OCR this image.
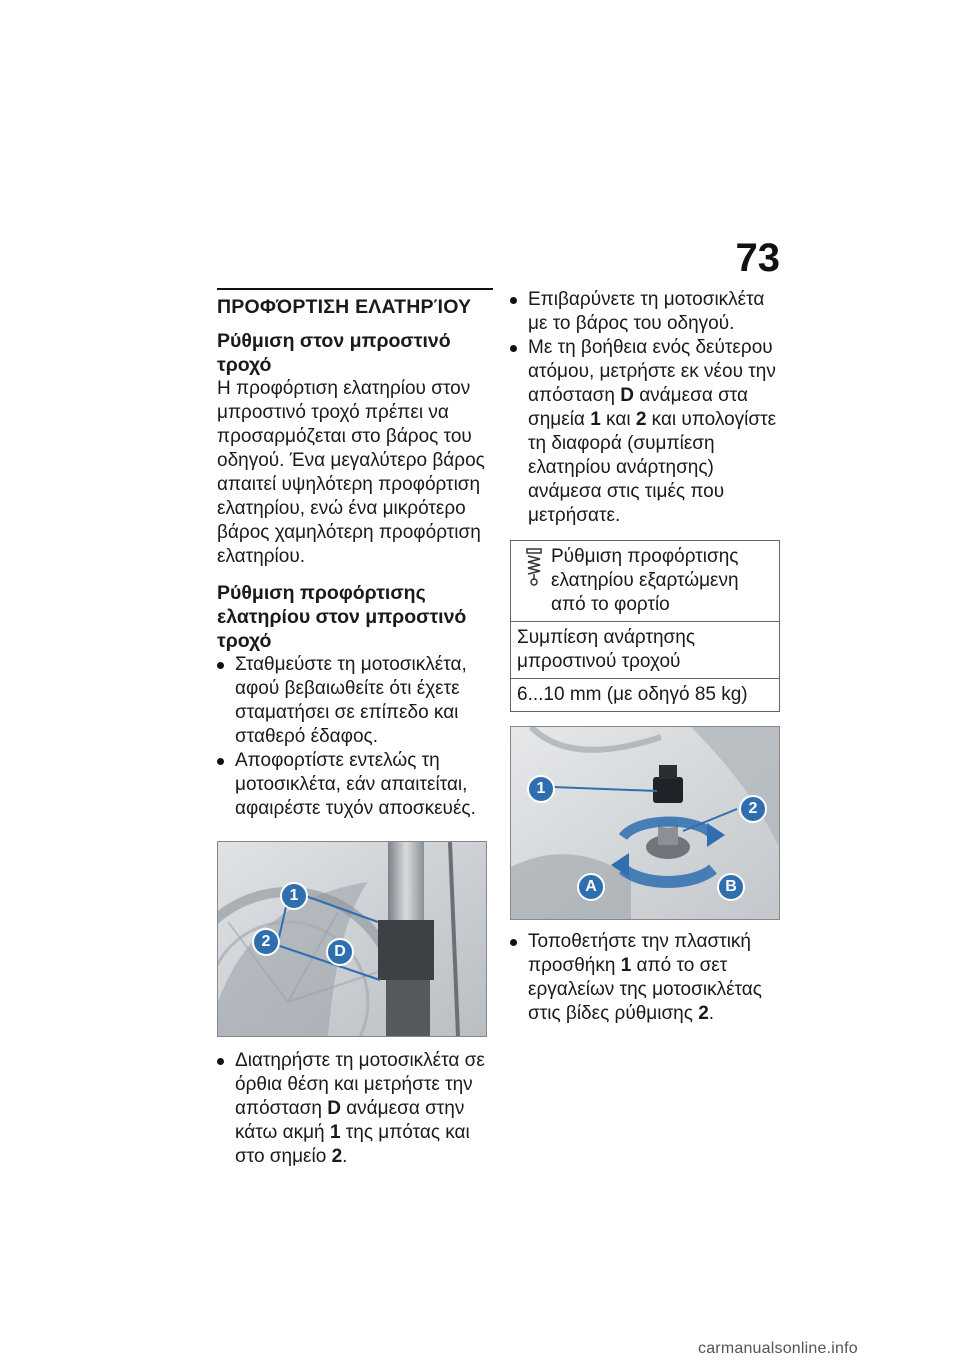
73
ΠΡΟΦΌΡΤΙΣΗ ΕΛΑΤΗΡΊΟΥ
Ρύθμιση στον μπροστινό τροχό

Η προφόρτιση ελατηρίου στον μπροστινό τροχό πρέπει να προσαρμόζεται στο βάρος του οδηγού. Ένα μεγαλύτερο βάρος απαιτεί υψηλότερη προφόρτιση ελατηρίου, ενώ ένα μικρότερο βάρος χαμηλότερη προφόρτιση ελατηρίου.

Ρύθμιση προφόρτισης ελατηρίου στον μπροστινό τροχό
Σταθμεύστε τη μοτοσικλέτα, αφού βεβαιωθείτε ότι έχετε σταματήσει σε επίπεδο και σταθερό έδαφος.
Αποφορτίστε εντελώς τη μοτοσικλέτα, εάν απαιτείται, αφαιρέστε τυχόν αποσκευές.
1
2
D
Διατηρήστε τη μοτοσικλέτα σε όρθια θέση και μετρήστε την απόσταση D ανάμεσα στην κάτω ακμή 1 της μπότας και στο σημείο 2.
Επιβαρύνετε τη μοτοσικλέτα με το βάρος του οδηγού.
Με τη βοήθεια ενός δεύτερου ατόμου, μετρήστε εκ νέου την απόσταση D ανάμεσα στα σημεία 1 και 2 και υπολογίστε τη διαφορά (συμπίεση ελατηρίου ανάρτησης) ανάμεσα στις τιμές που μετρήσατε.
Ρύθμιση προφόρτισης ελατηρίου εξαρτώμενη από το φορτίο
Συμπίεση ανάρτησης μπροστινού τροχού
6...10 mm (με οδηγό 85 kg)
1
2
A	B
Τοποθετήστε την πλαστική προσθήκη 1 από το σετ εργαλείων της μοτοσικλέτας στις βίδες ρύθμισης 2.
carmanualsonline.info
